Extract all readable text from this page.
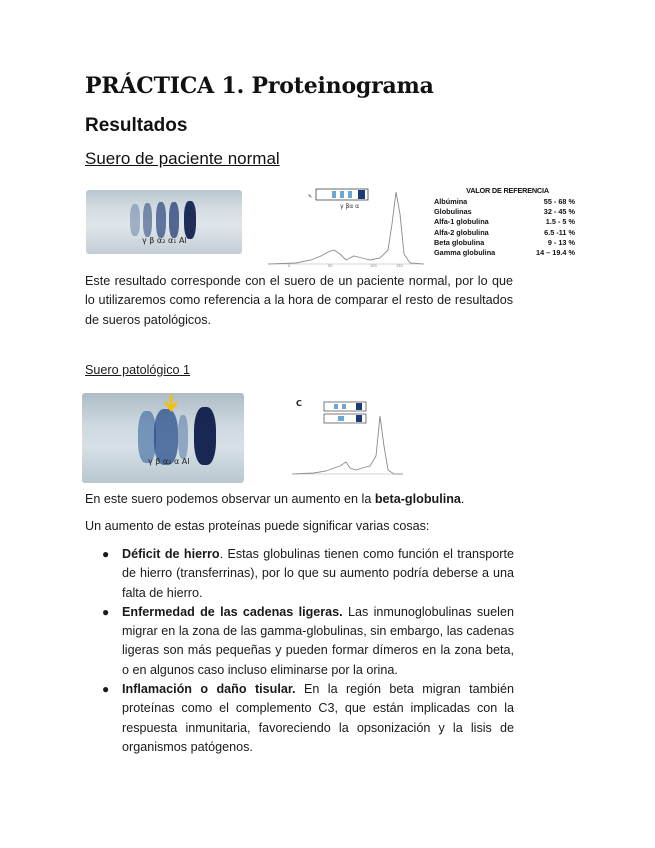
PRÁCTICA 1. Proteinograma
Resultados
Suero de paciente normal
γ β α₂ α₁ Al
✎
γ βα α
0	50	100	150
VALOR DE REFERENCIA
Albúmina	55 - 68 %
Globulinas	32 - 45 %
Alfa-1 globulina	1.5 - 5 %
Alfa-2 globulina	6.5 -11 %
Beta globulina	9 - 13 %
Gamma globulina	14 – 19.4 %
Este resultado corresponde con el suero de un paciente normal, por lo que lo utilizaremos como referencia a la hora de comparar el resto de resultados de sueros patológicos.
Suero patológico 1
γ β α₂ α Al
C
En este suero podemos observar un aumento en la beta-globulina.
Un aumento de estas proteínas puede significar varias cosas:
● Déficit de hierro. Estas globulinas tienen como función el transporte de hierro (transferrinas), por lo que su aumento podría deberse a una falta de hierro.
● Enfermedad de las cadenas ligeras. Las inmunoglobulinas suelen migrar en la zona de las gamma-globulinas, sin embargo, las cadenas ligeras son más pequeñas y pueden formar dímeros en la zona beta, o en algunos caso incluso eliminarse por la orina.
● Inflamación o daño tisular. En la región beta migran también proteínas como el complemento C3, que están implicadas con la respuesta inmunitaria, favoreciendo la opsonización y la lisis de organismos patógenos.
